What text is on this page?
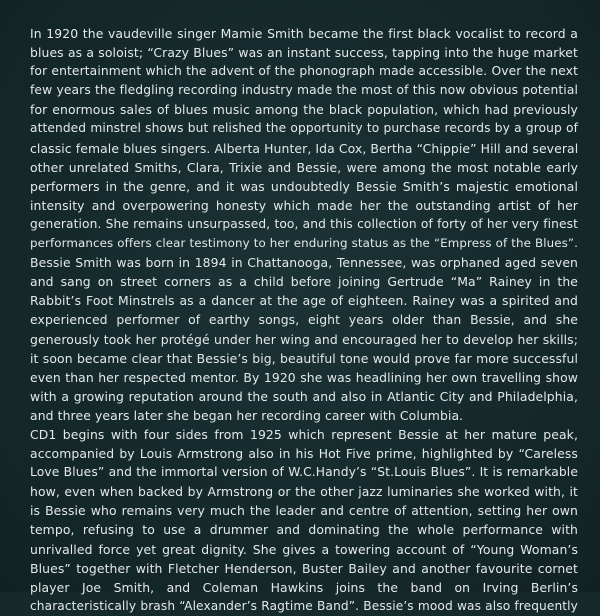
In 1920 the vaudeville singer Mamie Smith became the first black vocalist to record a
blues as a soloist; “Crazy Blues” was an instant success, tapping into the huge market
for entertainment which the advent of the phonograph made accessible. Over the next
few years the fledgling recording industry made the most of this now obvious potential
for enormous sales of blues music among the black population, which had previously
attended minstrel shows but relished the opportunity to purchase records by a group of
classic female blues singers. Alberta Hunter, Ida Cox, Bertha “Chippie” Hill and several
other unrelated Smiths, Clara, Trixie and Bessie, were among the most notable early
performers in the genre, and it was undoubtedly Bessie Smith’s majestic emotional
intensity and overpowering honesty which made her the outstanding artist of her
generation. She remains unsurpassed, too, and this collection of forty of her very finest
performances offers clear testimony to her enduring status as the “Empress of the Blues”.
Bessie Smith was born in 1894 in Chattanooga, Tennessee, was orphaned aged seven
and sang on street corners as a child before joining Gertrude “Ma” Rainey in the
Rabbit’s Foot Minstrels as a dancer at the age of eighteen. Rainey was a spirited and
experienced performer of earthy songs, eight years older than Bessie, and she
generously took her protégé under her wing and encouraged her to develop her skills;
it soon became clear that Bessie’s big, beautiful tone would prove far more successful
even than her respected mentor. By 1920 she was headlining her own travelling show
with a growing reputation around the south and also in Atlantic City and Philadelphia,
and three years later she began her recording career with Columbia.
CD1 begins with four sides from 1925 which represent Bessie at her mature peak,
accompanied by Louis Armstrong also in his Hot Five prime, highlighted by “Careless
Love Blues” and the immortal version of W.C.Handy’s “St.Louis Blues”. It is remarkable
how, even when backed by Armstrong or the other jazz luminaries she worked with, it
is Bessie who remains very much the leader and centre of attention, setting her own
tempo, refusing to use a drummer and dominating the whole performance with
unrivalled force yet great dignity. She gives a towering account of “Young Woman’s
Blues” together with Fletcher Henderson, Buster Bailey and another favourite cornet
player Joe Smith, and Coleman Hawkins joins the band on Irving Berlin’s
characteristically brash “Alexander’s Ragtime Band”. Bessie’s mood was also frequently
